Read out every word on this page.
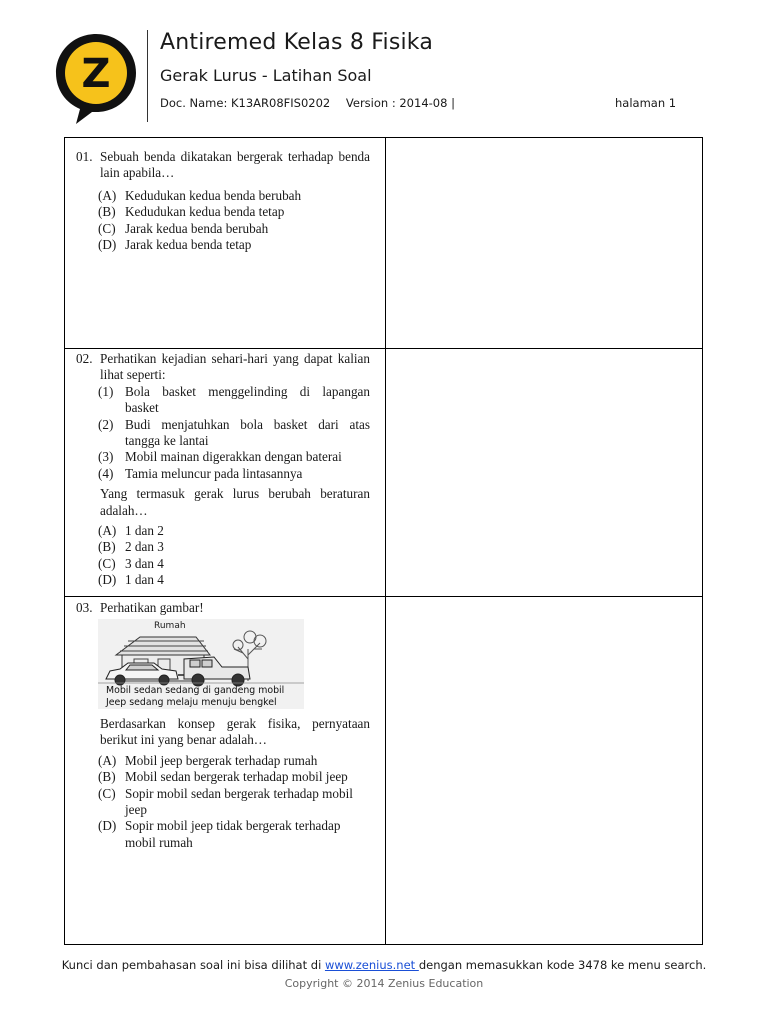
Z
Antiremed Kelas 8 Fisika
Gerak Lurus - Latihan Soal
Doc. Name: K13AR08FIS0202 Version : 2014-08 |	halaman 1
01. Sebuah benda dikatakan bergerak terhadap benda lain apabila…
(A) Kedudukan kedua benda berubah
(B) Kedudukan kedua benda tetap
(C) Jarak kedua benda berubah
(D) Jarak kedua benda tetap
02. Perhatikan kejadian sehari-hari yang dapat kalian lihat seperti:
(1) Bola basket menggelinding di lapangan basket
(2) Budi menjatuhkan bola basket dari atas tangga ke lantai
(3) Mobil mainan digerakkan dengan baterai
(4) Tamia meluncur pada lintasannya
Yang termasuk gerak lurus berubah beraturan adalah…
(A) 1 dan 2
(B) 2 dan 3
(C) 3 dan 4
(D) 1 dan 4
03. Perhatikan gambar!
Rumah
Mobil sedan sedang di gandeng mobil
Jeep sedang melaju menuju bengkel
Berdasarkan konsep gerak fisika, pernyataan berikut ini yang benar adalah…
(A) Mobil jeep bergerak terhadap rumah
(B) Mobil sedan bergerak terhadap mobil jeep
(C) Sopir mobil sedan bergerak terhadap mobil jeep
(D) Sopir mobil jeep tidak bergerak terhadap mobil rumah
Kunci dan pembahasan soal ini bisa dilihat di www.zenius.net dengan memasukkan kode 3478 ke menu search.
Copyright © 2014 Zenius Education
